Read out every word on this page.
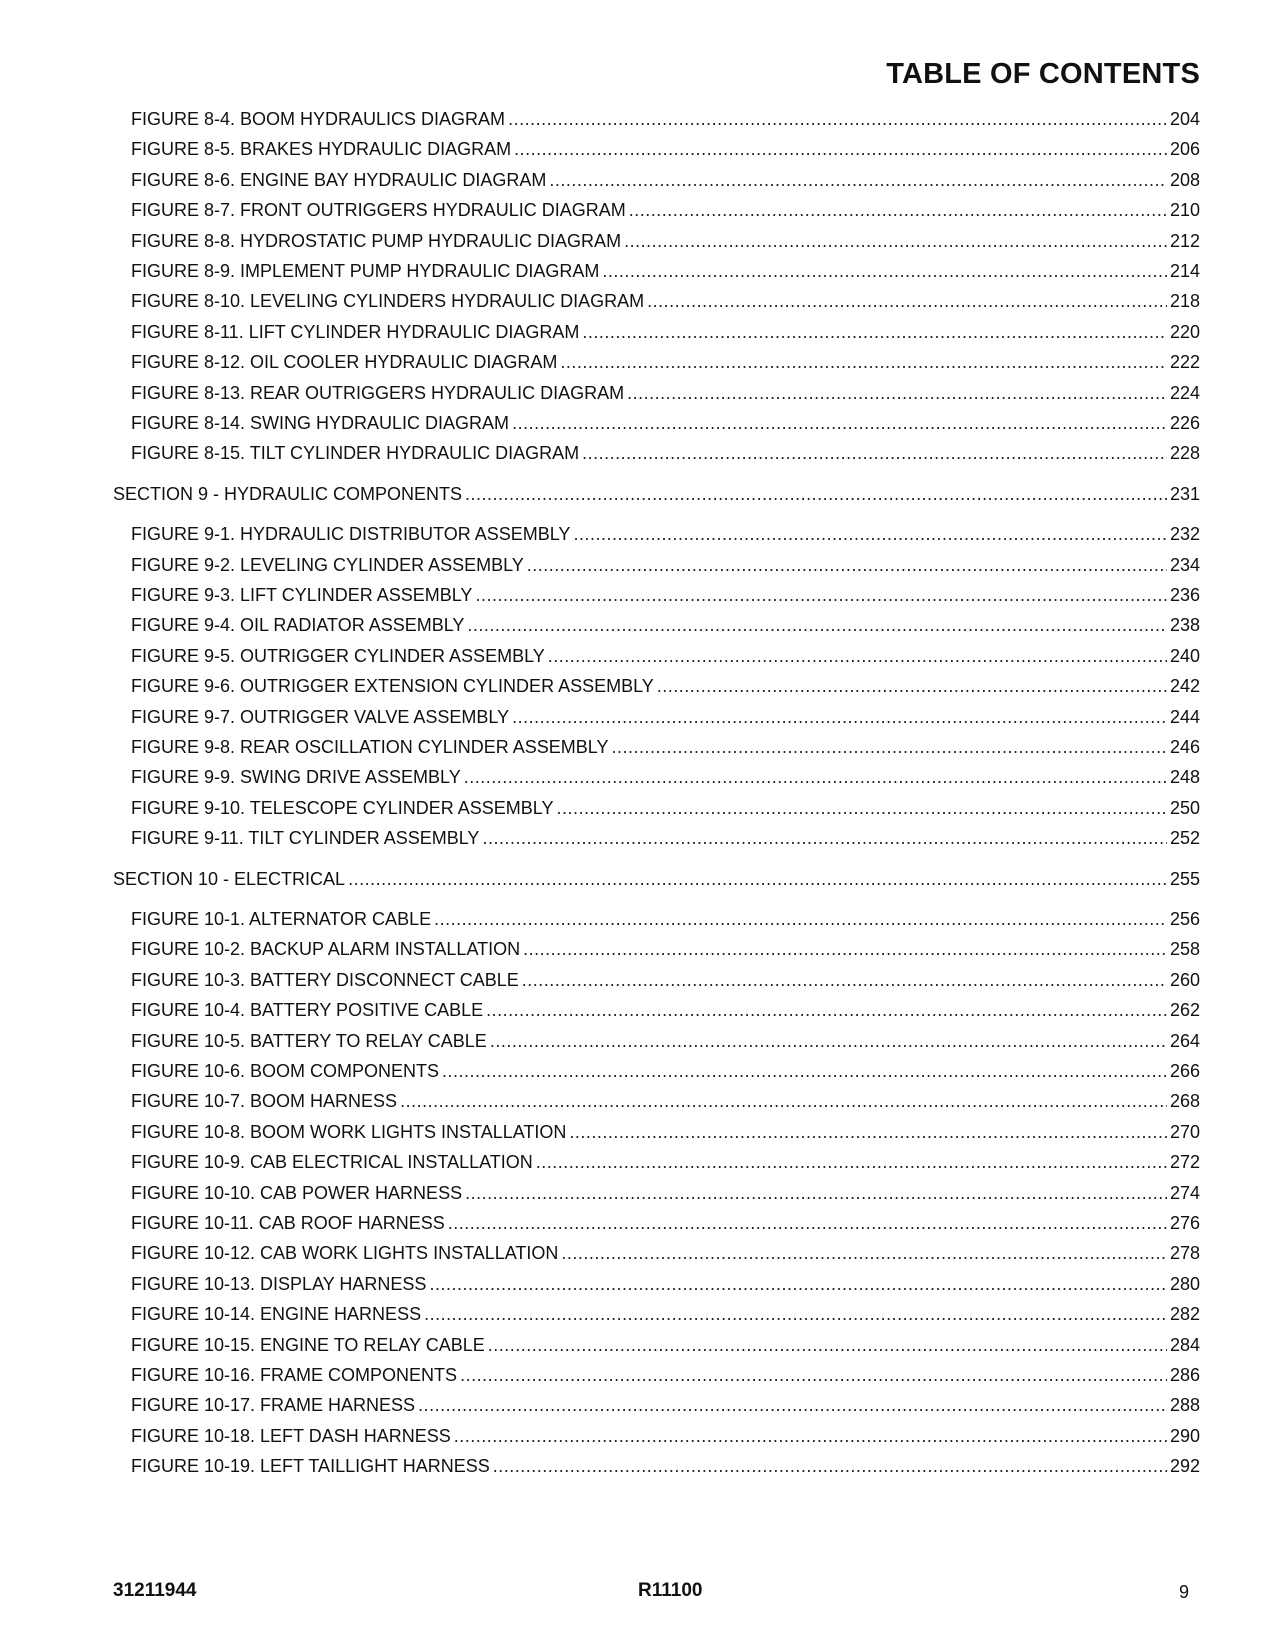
TABLE OF CONTENTS
FIGURE 8-4. BOOM HYDRAULICS DIAGRAM .....	204
FIGURE 8-5. BRAKES HYDRAULIC DIAGRAM .....	206
FIGURE 8-6. ENGINE BAY HYDRAULIC DIAGRAM .....	208
FIGURE 8-7. FRONT OUTRIGGERS HYDRAULIC DIAGRAM .....	210
FIGURE 8-8. HYDROSTATIC PUMP HYDRAULIC DIAGRAM .....	212
FIGURE 8-9. IMPLEMENT PUMP HYDRAULIC DIAGRAM .....	214
FIGURE 8-10. LEVELING CYLINDERS HYDRAULIC DIAGRAM .....	218
FIGURE 8-11. LIFT CYLINDER HYDRAULIC DIAGRAM .....	220
FIGURE 8-12. OIL COOLER HYDRAULIC DIAGRAM .....	222
FIGURE 8-13. REAR OUTRIGGERS HYDRAULIC DIAGRAM .....	224
FIGURE 8-14. SWING HYDRAULIC DIAGRAM .....	226
FIGURE 8-15. TILT CYLINDER HYDRAULIC DIAGRAM .....	228
SECTION 9 - HYDRAULIC COMPONENTS .....	231
FIGURE 9-1. HYDRAULIC DISTRIBUTOR ASSEMBLY .....	232
FIGURE 9-2. LEVELING CYLINDER ASSEMBLY .....	234
FIGURE 9-3. LIFT CYLINDER ASSEMBLY .....	236
FIGURE 9-4. OIL RADIATOR ASSEMBLY .....	238
FIGURE 9-5. OUTRIGGER CYLINDER ASSEMBLY .....	240
FIGURE 9-6. OUTRIGGER EXTENSION CYLINDER ASSEMBLY .....	242
FIGURE 9-7. OUTRIGGER VALVE ASSEMBLY .....	244
FIGURE 9-8. REAR OSCILLATION CYLINDER ASSEMBLY .....	246
FIGURE 9-9. SWING DRIVE ASSEMBLY .....	248
FIGURE 9-10. TELESCOPE CYLINDER ASSEMBLY .....	250
FIGURE 9-11. TILT CYLINDER ASSEMBLY .....	252
SECTION 10 - ELECTRICAL .....	255
FIGURE 10-1. ALTERNATOR CABLE .....	256
FIGURE 10-2. BACKUP ALARM INSTALLATION .....	258
FIGURE 10-3. BATTERY DISCONNECT CABLE .....	260
FIGURE 10-4. BATTERY POSITIVE CABLE .....	262
FIGURE 10-5. BATTERY TO RELAY CABLE .....	264
FIGURE 10-6. BOOM COMPONENTS .....	266
FIGURE 10-7. BOOM HARNESS .....	268
FIGURE 10-8. BOOM WORK LIGHTS INSTALLATION .....	270
FIGURE 10-9. CAB ELECTRICAL INSTALLATION .....	272
FIGURE 10-10. CAB POWER HARNESS .....	274
FIGURE 10-11. CAB ROOF HARNESS .....	276
FIGURE 10-12. CAB WORK LIGHTS INSTALLATION .....	278
FIGURE 10-13. DISPLAY HARNESS .....	280
FIGURE 10-14. ENGINE HARNESS .....	282
FIGURE 10-15. ENGINE TO RELAY CABLE .....	284
FIGURE 10-16. FRAME COMPONENTS .....	286
FIGURE 10-17. FRAME HARNESS .....	288
FIGURE 10-18. LEFT DASH HARNESS .....	290
FIGURE 10-19. LEFT TAILLIGHT HARNESS .....	292
31211944	R11100	9
